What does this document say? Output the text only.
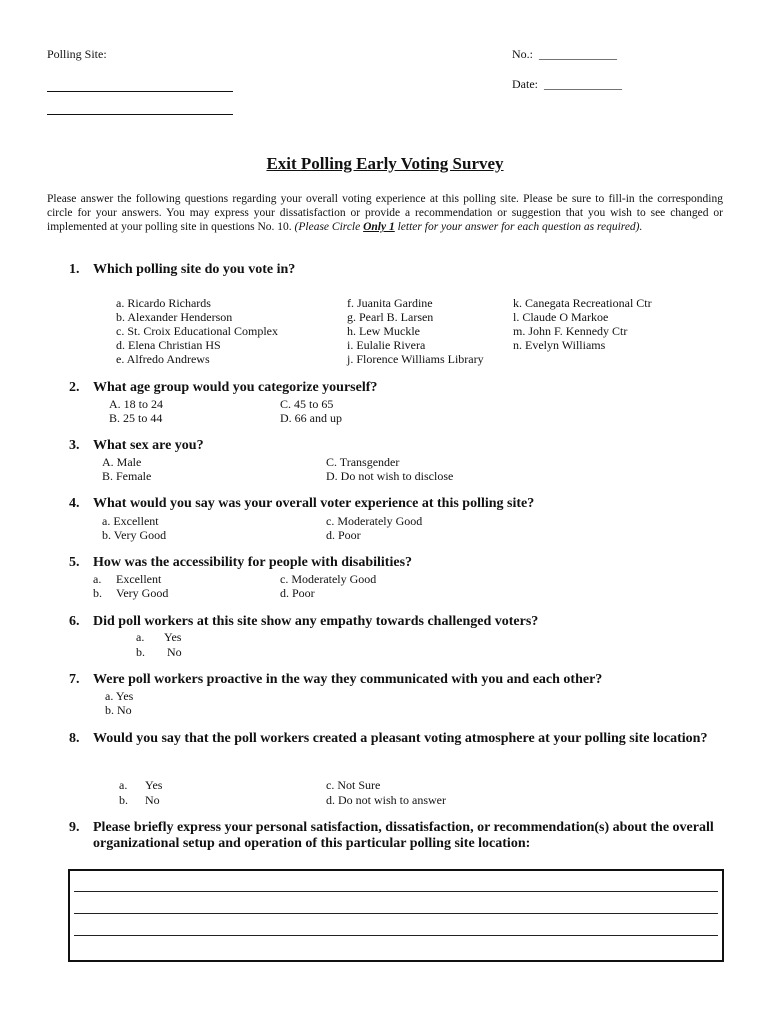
Polling Site:	No.: _____________
Date: _____________
Exit Polling Early Voting Survey
Please answer the following questions regarding your overall voting experience at this polling site. Please be sure to fill-in the corresponding circle for your answers. You may express your dissatisfaction or provide a recommendation or suggestion that you wish to see changed or implemented at your polling site in questions No. 10. (Please Circle Only 1 letter for your answer for each question as required).
1. Which polling site do you vote in?
a. Ricardo Richards
b. Alexander Henderson
c. St. Croix Educational Complex
d. Elena Christian HS
e. Alfredo Andrews
f. Juanita Gardine
g. Pearl B. Larsen
h. Lew Muckle
i. Eulalie Rivera
j. Florence Williams Library
k. Canegata Recreational Ctr
l. Claude O Markoe
m. John F. Kennedy Ctr
n. Evelyn Williams
2. What age group would you categorize yourself?
A. 18 to 24
B. 25 to 44
C. 45 to 65
D. 66 and up
3. What sex are you?
A. Male
B. Female
C. Transgender
D. Do not wish to disclose
4. What would you say was your overall voter experience at this polling site?
a. Excellent
b. Very Good
c. Moderately Good
d. Poor
5. How was the accessibility for people with disabilities?
a. Excellent
b. Very Good
c. Moderately Good
d. Poor
6. Did poll workers at this site show any empathy towards challenged voters?
a. Yes
b. No
7. Were poll workers proactive in the way they communicated with you and each other?
a. Yes
b. No
8. Would you say that the poll workers created a pleasant voting atmosphere at your polling site location?
a. Yes
b. No
c. Not Sure
d. Do not wish to answer
9. Please briefly express your personal satisfaction, dissatisfaction, or recommendation(s) about the overall organizational setup and operation of this particular polling site location:
